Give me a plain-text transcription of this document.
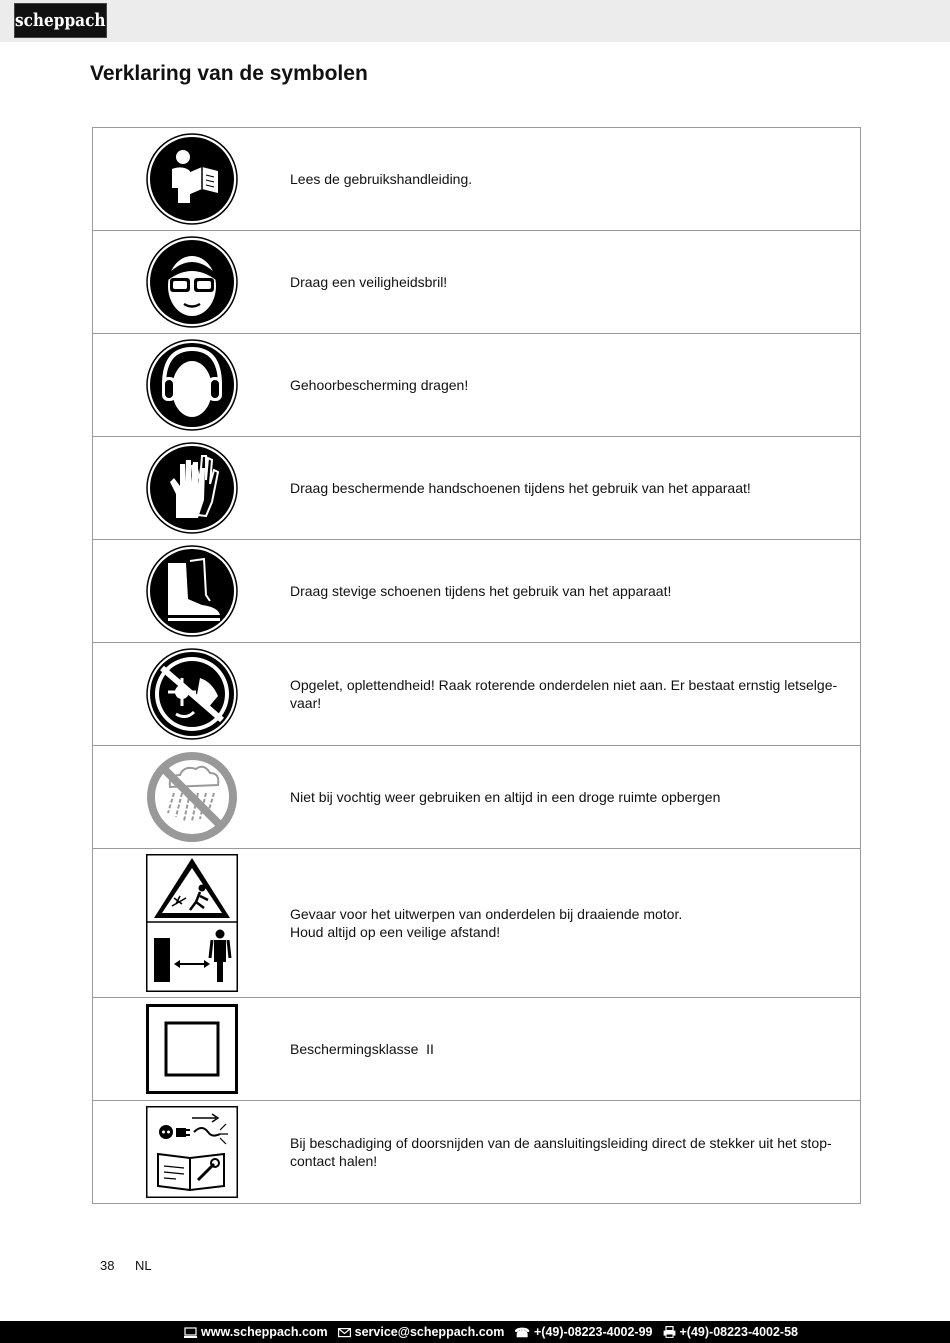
scheppach
Verklaring van de symbolen
	Lees de gebruikshandleiding.

	Draag een veiligheidsbril!

	Gehoorbescherming dragen!

	Draag beschermende handschoenen tijdens het gebruik van het apparaat!

	Draag stevige schoenen tijdens het gebruik van het apparaat!

	Opgelet, oplettendheid! Raak roterende onderdelen niet aan. Er bestaat ernstig letselge-vaar!

	Niet bij vochtig weer gebruiken en altijd in een droge ruimte opbergen

Gevaar voor het uitwerpen van onderdelen bij draaiende motor.
Houd altijd op een veilige afstand!

	Beschermingsklasse  II

	Bij beschadiging of doorsnijden van de aansluitingsleiding direct de stekker uit het stop-contact halen!
38 NL
www.scheppach.com service@scheppach.com ☎ +(49)-08223-4002-99 +(49)-08223-4002-58
